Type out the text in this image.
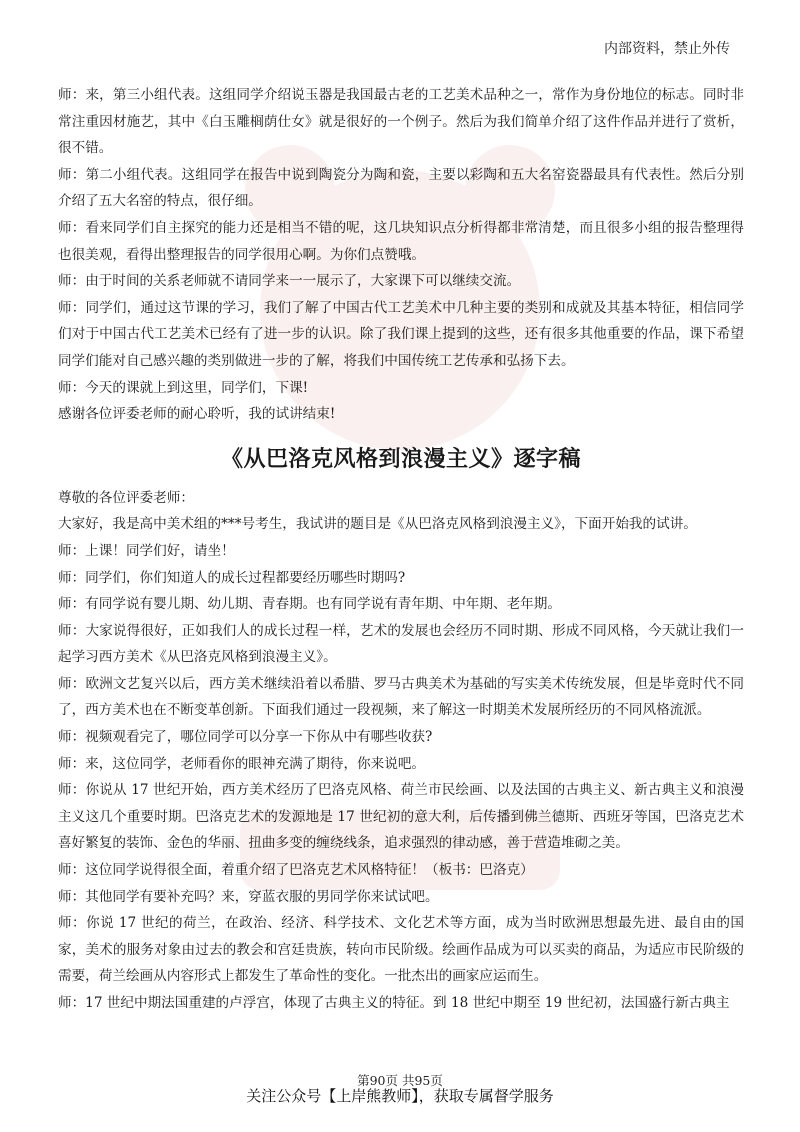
内部资料，禁止外传

师：来，第三小组代表。这组同学介绍说玉器是我国最古老的工艺美术品种之一，常作为身份地位的标志。同时非常注重因材施艺，其中《白玉雕榈荫仕女》就是很好的一个例子。然后为我们简单介绍了这件作品并进行了赏析，很不错。

师：第二小组代表。这组同学在报告中说到陶瓷分为陶和瓷，主要以彩陶和五大名窑瓷器最具有代表性。然后分别介绍了五大名窑的特点，很仔细。

师：看来同学们自主探究的能力还是相当不错的呢，这几块知识点分析得都非常清楚，而且很多小组的报告整理得也很美观，看得出整理报告的同学很用心啊。为你们点赞哦。

师：由于时间的关系老师就不请同学来一一展示了，大家课下可以继续交流。

师：同学们，通过这节课的学习，我们了解了中国古代工艺美术中几种主要的类别和成就及其基本特征，相信同学们对于中国古代工艺美术已经有了进一步的认识。除了我们课上提到的这些，还有很多其他重要的作品，课下希望同学们能对自己感兴趣的类别做进一步的了解，将我们中国传统工艺传承和弘扬下去。

师：今天的课就上到这里，同学们，下课!

感谢各位评委老师的耐心聆听，我的试讲结束!

《从巴洛克风格到浪漫主义》逐字稿

尊敬的各位评委老师：

大家好，我是高中美术组的***号考生，我试讲的题目是《从巴洛克风格到浪漫主义》，下面开始我的试讲。

师：上课！同学们好，请坐！

师：同学们，你们知道人的成长过程都要经历哪些时期吗?

师：有同学说有婴儿期、幼儿期、青春期。也有同学说有青年期、中年期、老年期。

师：大家说得很好，正如我们人的成长过程一样，艺术的发展也会经历不同时期、形成不同风格，今天就让我们一起学习西方美术《从巴洛克风格到浪漫主义》。

师：欧洲文艺复兴以后，西方美术继续沿着以希腊、罗马古典美术为基础的写实美术传统发展，但是毕竟时代不同了，西方美术也在不断变革创新。下面我们通过一段视频，来了解这一时期美术发展所经历的不同风格流派。

师：视频观看完了，哪位同学可以分享一下你从中有哪些收获?

师：来，这位同学，老师看你的眼神充满了期待，你来说吧。

师：你说从 17 世纪开始，西方美术经历了巴洛克风格、荷兰市民绘画、以及法国的古典主义、新古典主义和浪漫主义这几个重要时期。巴洛克艺术的发源地是 17 世纪初的意大利，后传播到佛兰德斯、西班牙等国，巴洛克艺术喜好繁复的装饰、金色的华丽、扭曲多变的缠绕线条，追求强烈的律动感，善于营造堆砌之美。

师：这位同学说得很全面，着重介绍了巴洛克艺术风格特征！（板书：巴洛克）

师：其他同学有要补充吗？来，穿蓝衣服的男同学你来试试吧。

师：你说 17 世纪的荷兰，在政治、经济、科学技术、文化艺术等方面，成为当时欧洲思想最先进、最自由的国家，美术的服务对象由过去的教会和宫廷贵族，转向市民阶级。绘画作品成为可以买卖的商品，为适应市民阶级的需要，荷兰绘画从内容形式上都发生了革命性的变化。一批杰出的画家应运而生。

师：17 世纪中期法国重建的卢浮宫，体现了古典主义的特征。到 18 世纪中期至 19 世纪初，法国盛行新古典主

第90页 共95页
关注公众号【上岸熊教师】，获取专属督学服务
